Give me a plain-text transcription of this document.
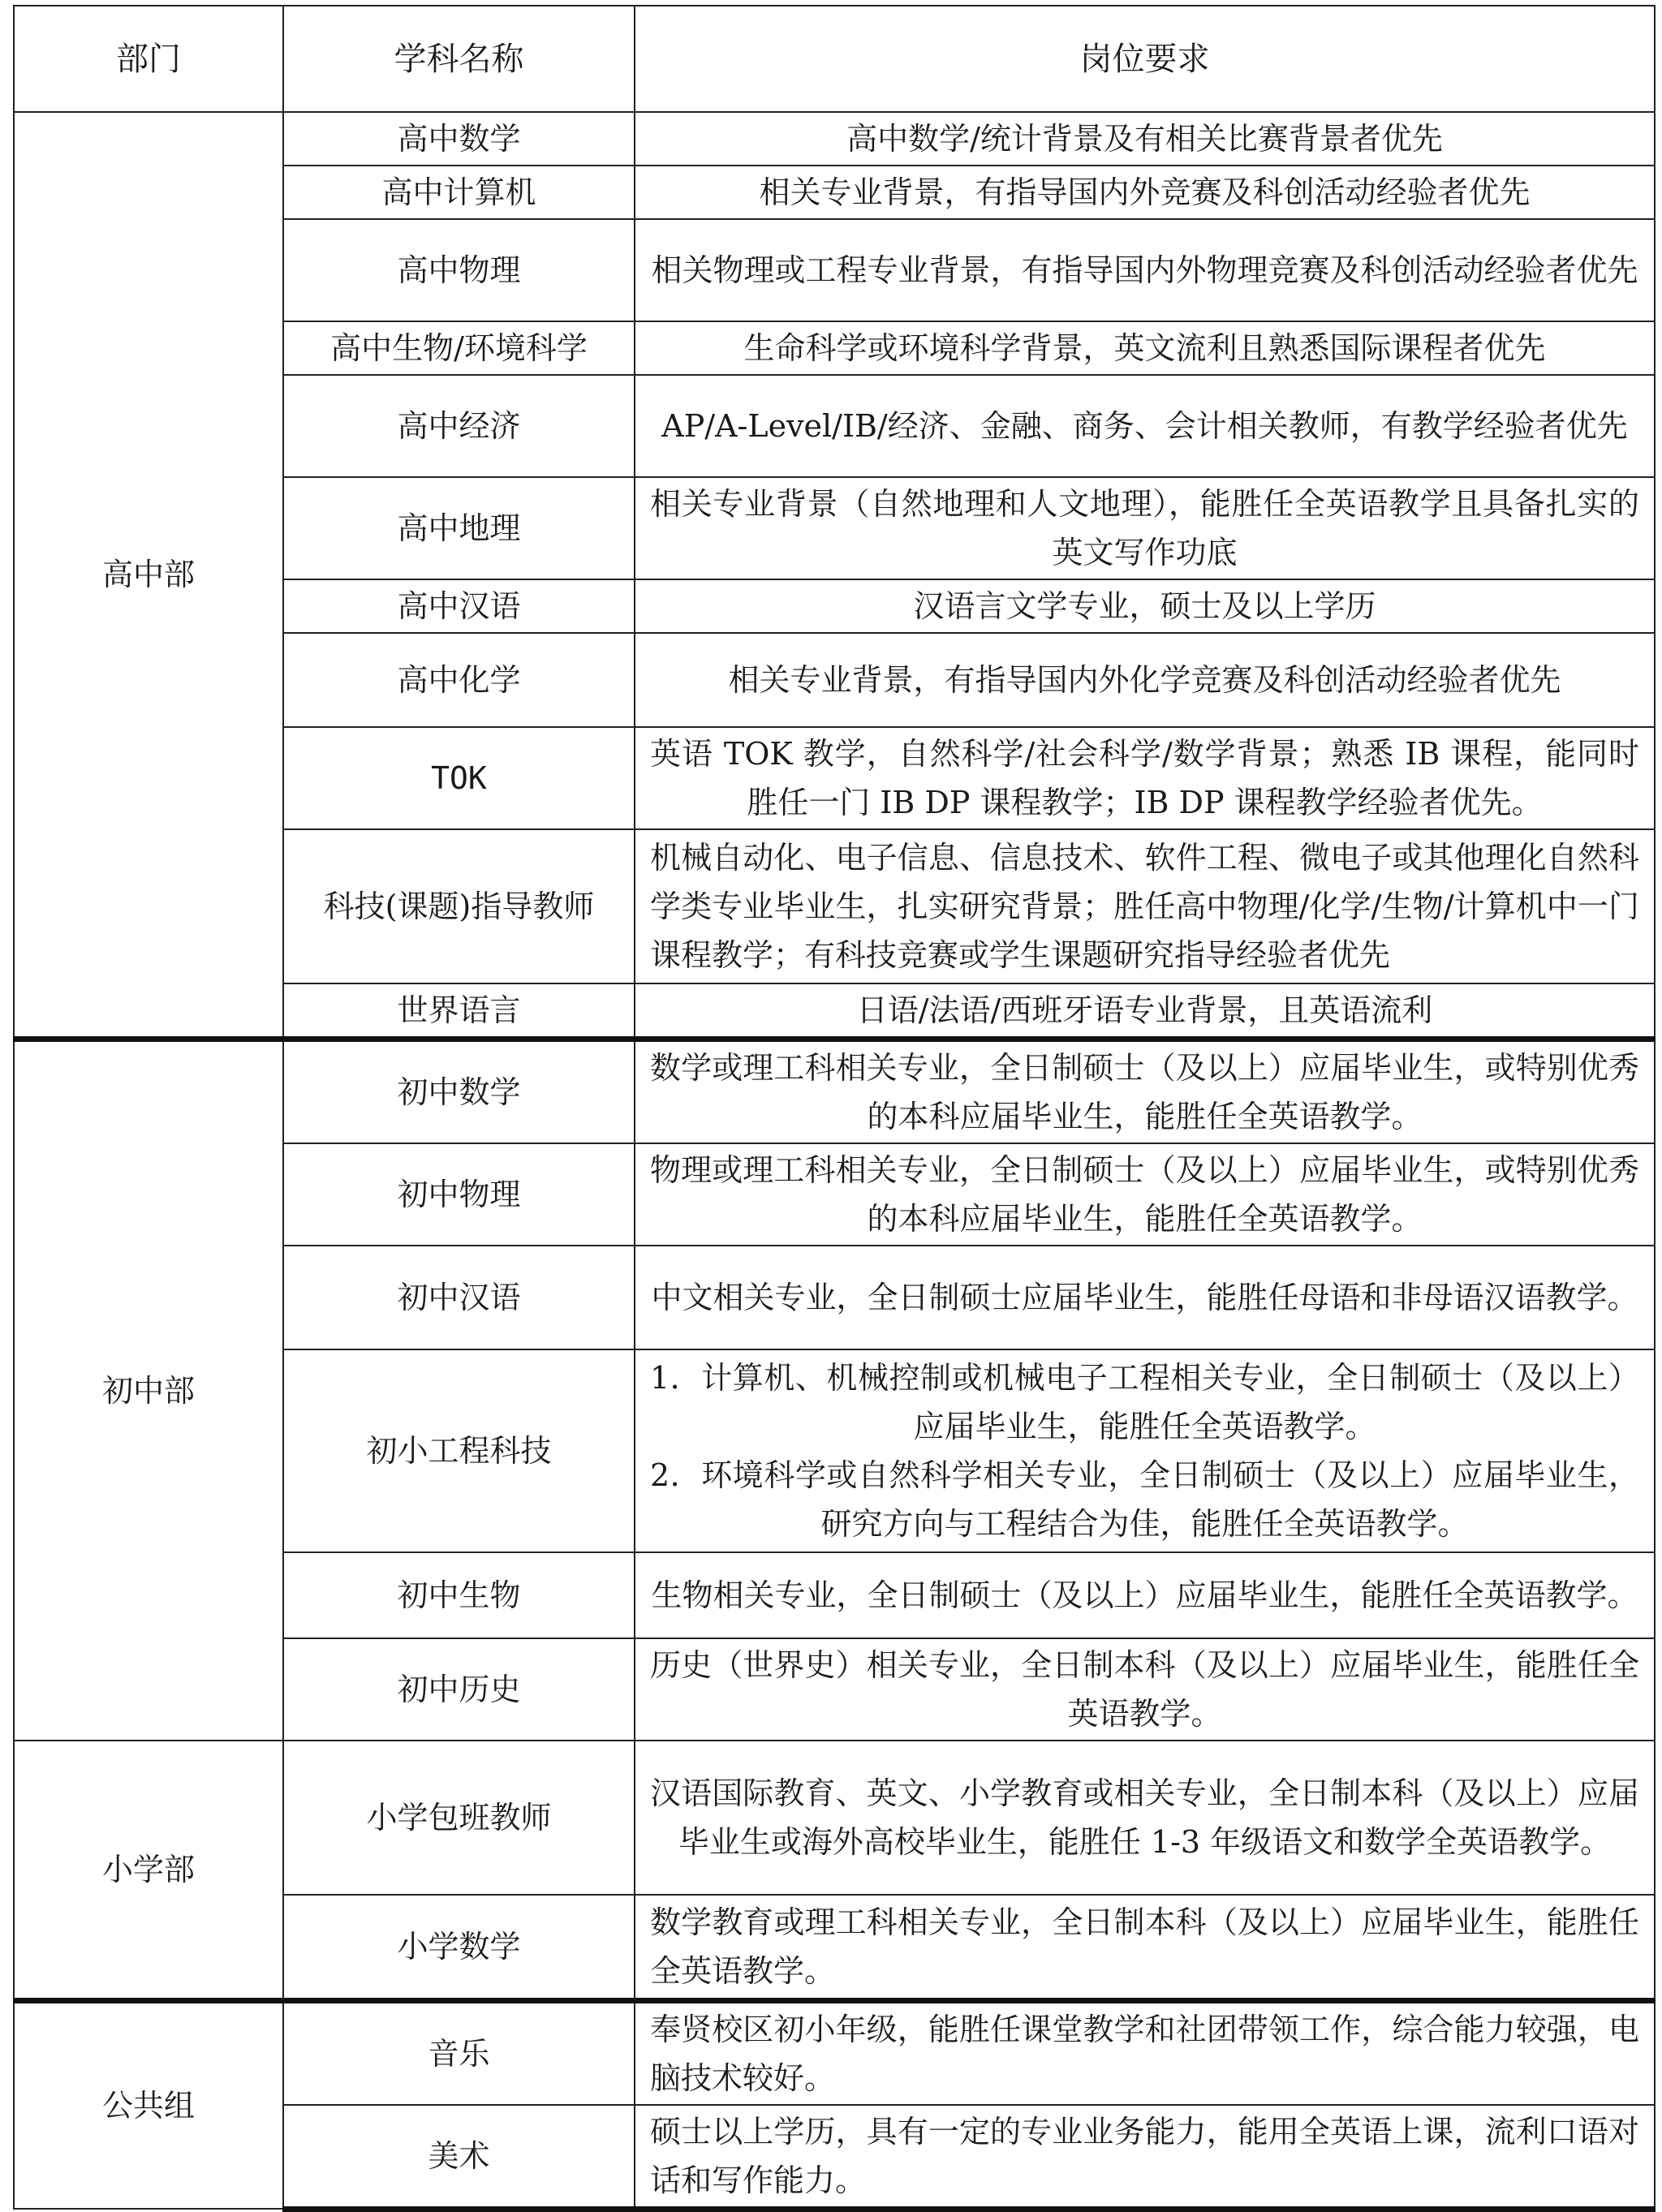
部门	学科名称	岗位要求
高中部	高中数学	高中数学/统计背景及有相关比赛背景者优先
	高中计算机	相关专业背景，有指导国内外竞赛及科创活动经验者优先
	高中物理	相关物理或工程专业背景，有指导国内外物理竞赛及科创活动经验者优先
	高中生物/环境科学	生命科学或环境科学背景，英文流利且熟悉国际课程者优先
	高中经济	AP/A-Level/IB/经济、金融、商务、会计相关教师，有教学经验者优先
	高中地理	相关专业背景（自然地理和人文地理），能胜任全英语教学且具备扎实的英文写作功底
	高中汉语	汉语言文学专业，硕士及以上学历
	高中化学	相关专业背景，有指导国内外化学竞赛及科创活动经验者优先
	TOK	英语 TOK 教学，自然科学/社会科学/数学背景；熟悉 IB 课程，能同时胜任一门 IB DP 课程教学；IB DP 课程教学经验者优先。
	科技(课题)指导教师	机械自动化、电子信息、信息技术、软件工程、微电子或其他理化自然科学类专业毕业生，扎实研究背景；胜任高中物理/化学/生物/计算机中一门课程教学；有科技竞赛或学生课题研究指导经验者优先
	世界语言	日语/法语/西班牙语专业背景，且英语流利
初中部	初中数学	数学或理工科相关专业，全日制硕士（及以上）应届毕业生，或特别优秀的本科应届毕业生，能胜任全英语教学。
	初中物理	物理或理工科相关专业，全日制硕士（及以上）应届毕业生，或特别优秀的本科应届毕业生，能胜任全英语教学。
	初中汉语	中文相关专业，全日制硕士应届毕业生，能胜任母语和非母语汉语教学。
	初小工程科技	1．计算机、机械控制或机械电子工程相关专业，全日制硕士（及以上）应届毕业生，能胜任全英语教学。
2．环境科学或自然科学相关专业，全日制硕士（及以上）应届毕业生，研究方向与工程结合为佳，能胜任全英语教学。

	初中生物	生物相关专业，全日制硕士（及以上）应届毕业生，能胜任全英语教学。
	初中历史	历史（世界史）相关专业，全日制本科（及以上）应届毕业生，能胜任全英语教学。
小学部	小学包班教师	汉语国际教育、英文、小学教育或相关专业，全日制本科（及以上）应届毕业生或海外高校毕业生，能胜任 1-3 年级语文和数学全英语教学。
	小学数学	数学教育或理工科相关专业，全日制本科（及以上）应届毕业生，能胜任全英语教学。
公共组	音乐	奉贤校区初小年级，能胜任课堂教学和社团带领工作，综合能力较强，电脑技术较好。
	美术	硕士以上学历，具有一定的专业业务能力，能用全英语上课，流利口语对话和写作能力。
